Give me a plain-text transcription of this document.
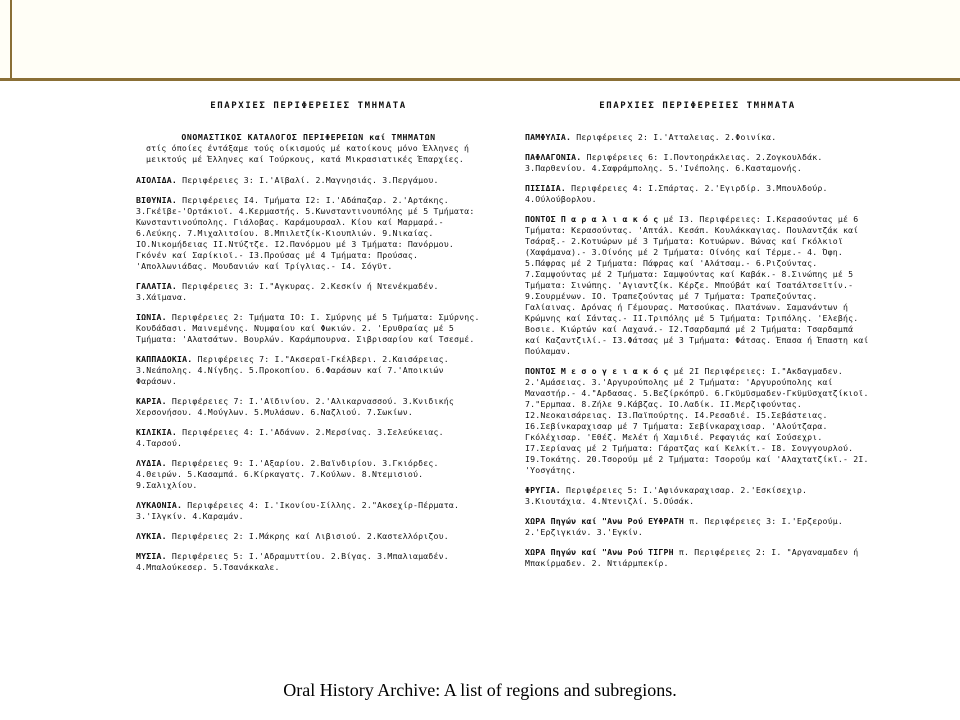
ΕΠΑΡΧΙΕΣ ΠΕΡΙΦΕΡΕΙΕΣ ΤΜΗΜΑΤΑ
ΟΝΟΜΑΣΤΙΚΟΣ ΚΑΤΑΛΟΓΟΣ ΠΕΡΙΦΕΡΕΙΩΝ καί ΤΜΗΜΑΤΩΝ
στίς όποίες έντάξαμε τούς οίκισμούς μέ κατοίκους μόνο Έλληνες ή μεικτούς μέ Έλληνες καί Τούρκους, κατά Μικρασιατικές Έπαρχίες.
ΑΙΟΛΙΔΑ. Περιφέρειες 3: Ι.'Αϊβαλί. 2.Μαγνησιάς. 3.Περγάμου.
ΒΙΘΥΝΙΑ. Περιφέρειες Ι4. Τμήματα Ι2: Ι.'Αδάπαζαρ. 2.'Αρτάκης. 3.Γκέϊβε-'Ορτάκιοϊ. 4.Κερμαστής. 5.Κωνσταντινουπόλης μέ 5 Τμήματα: Κωνσταντινούπολης. Γιάλοβας. Καράμουρσαλ. Κίου καί Μαρμαρά.- 6.Λεύκης. 7.Μιχαλιτσίου. 8.Μπιλετζίκ-Κιουπλιών. 9.Νικαίας. ΙΟ.Νικομήδειας ΙΙ.Ντύζτζε. Ι2.Πανόρμου μέ 3 Τμήματα: Πανόρμου. Γκόνέν καί Σαρίκιοϊ.- Ι3.Προύσας μέ 4 Τμήματα: Προύσας. 'Απολλωνιάδας. Μουδανιών καί Τρίγλιας.- Ι4. Σόγϋτ.
ΓΑΛΑΤΙΑ. Περιφέρειες 3: Ι."Αγκυρας. 2.Κεσκίν ή Ντενέκμαδέν. 3.Χάϊμανα.
ΙΩΝΙΑ. Περιφέρειες 2: Τμήματα ΙΟ: Ι. Σμύρνης μέ 5 Τμήματα: Σμύρνης. Κουδάδασι. Μαινεμένης. Νυμφαίου καί Φωκιών. 2. 'Ερυθραίας μέ 5 Τμήματα: 'Αλατσάτων. Βουρλών. Καράμπουρνα. Σιβρισαρίου καί Τσεσμέ.
ΚΑΠΠΑΔΟΚΙΑ. Περιφέρειες 7: Ι."Ακσεραϊ-Γκέλβερι. 2.Καισάρειας. 3.Νεάπολης. 4.Νίγδης. 5.Προκοπίου. 6.Φαράσων καί 7.'Αποικιών Φαράσων.
ΚΑΡΙΑ. Περιφέρειες 7: Ι.'Αϊδινίου. 2.'Αλικαρνασσού. 3.Κνιδικής Χερσονήσου. 4.Μούγλων. 5.Μυλάσων. 6.Ναζλιού. 7.Σωκίων.
ΚΙΛΙΚΙΑ. Περιφέρειες 4: Ι.'Αδάνων. 2.Μερσίνας. 3.Σελεύκειας. 4.Ταρσού.
ΛΥΔΙΑ. Περιφέρειες 9: Ι.'Αξαρίου. 2.Βαϊνδιρίου. 3.Γκιόρδες. 4.Θειρών. 5.Κασαμπά. 6.Κίρκαγατς. 7.Κούλων. 8.Ντεμισιού. 9.Σαλιχλίου.
ΛΥΚΑΟΝΙΑ. Περιφέρειες 4: Ι.'Ικονίου-Σίλλης. 2."Ακσεχίρ-Πέρματα. 3.'Ιλγκίν. 4.Καραμάν.
ΛΥΚΙΑ. Περιφέρειες 2: Ι.Μάκρης καί Λιβισιού. 2.Καστελλόριζου.
ΜΥΣΙΑ. Περιφέρειες 5: Ι.'Αδραμυττίου. 2.Βίγας. 3.Μπαλιαμαδέν. 4.Μπαλούκεσερ. 5.Τσανάκκαλε.
ΕΠΑΡΧΙΕΣ ΠΕΡΙΦΕΡΕΙΕΣ ΤΜΗΜΑΤΑ
ΠΑΜΦΥΛΙΑ. Περιφέρειες 2: Ι.'Ατταλειας. 2.Φοινίκα.
ΠΑΦΛΑΓΟΝΙΑ. Περιφέρειες 6: Ι.Ποντοηράκλειας. 2.Ζογκουλδάκ. 3.Παρθενίου. 4.Σαφράμπολης. 5.'Ινέπολης. 6.Κασταμονής.
ΠΙΣΙΔΙΑ. Περιφέρειες 4: Ι.Σπάρτας. 2.'Εγιρδίρ. 3.Μπουλδούρ. 4.Ούλούβορλου.
ΠΟΝΤΟΣ Π α ρ α λ ι α κ ό ς μέ Ι3. Περιφέρειες: Ι.Κερασούντας μέ 6 Τμήματα: Κερασούντας. 'Απτάλ. Κεσάπ. Κουλάκκαγιας. Πουλαντζάκ καί Τσάραξ.- 2.Κοτυώρων μέ 3 Τμήματα: Κοτυώρων. Βώνας καί Γκόλκιοϊ (Χαφάμανα).- 3.Οίνόης μέ 2 Τμήματα: Οίνόης καί Τέρμε.- 4. Όφη. 5.Πάφρας μέ 2 Τμήματα: Πάφρας καί 'Αλάτσαμ.- 6.Ριζούντας. 7.Σαμψούντας μέ 2 Τμήματα: Σαμψούντας καί Καβάκ.- 8.Σινώπης μέ 5 Τμήματα: Σινώπης. 'Αγιαντζίκ. Κέρζε. Μπούβάτ καί Τσατάλτσεϊτίν.- 9.Σουρμένων. ΙΟ. Τραπεζούντας μέ 7 Τμήματα: Τραπεζούντας. Γαλίαινας. Δρόνας ή Γέμουρας. Ματσούκας. Πλατάνων. Σαμανάντων ή Κρώμνης καί Σάντας.- ΙΙ.Τριπόλης μέ 5 Τμήματα: Τριπόλης. 'Ελεβής. Βοσιε. Κιώρτών καί Λαχανά.- Ι2.Τσαρδαμπά μέ 2 Τμήματα: Τσαρδαμπά καί Καζαντζιλί.- Ι3.Φάτσας μέ 3 Τμήματα: Φάτσας. Έπασα ή Έπαστη καί Πούλαμαν.
ΠΟΝΤΟΣ Μ ε σ ο γ ε ι α κ ό ς μέ 2Ι Περιφέρειες: Ι."Ακδαγμαδεν. 2.'Αμάσειας. 3.'Αργυρούπολης μέ 2 Τμήματα: 'Αργυρούπολης καί Μαναστήρ.- 4."Αρδασας. 5.Βεζίρκόπρϋ. 6.Γκϋμϋσμαδεν-Γκϋμϋσχατζίκιοϊ. 7."Ερμπαα. 8.Ζήλε 9.Κάβζας. ΙΟ.Λαδίκ. ΙΙ.Μερζιφούντας. Ι2.Νεοκαισάρειας. Ι3.Παϊπούρτης. Ι4.Ρεσαδιέ. Ι5.Σεβάστειας. Ι6.Σεβίνκαραχισαρ μέ 7 Τμήματα: Σεβίνκαραχισαρ. 'Αλούτζαρα. Γκόλέχισαρ. 'Εθέζ. Μελέτ ή Χαμιδιέ. Ρεφαγιάς καί Σούσεχρι. Ι7.Σερίανας μέ 2 Τμήματα: Γάρατζας καί Κελκίτ.- Ι8. Σουγγουρλού. Ι9.Τοκάτης. 20.Τσορούμ μέ 2 Τμήματα: Τσορούμ καί 'Αλαχτατζίκϊ.- 2Ι. 'Υοσγάτης.
ΦΡΥΓΙΑ. Περιφέρειες 5: Ι.'Αφιόνκαραχισαρ. 2.'Εσκίσεχιρ. 3.Κιουτάχια. 4.Ντενιζλί. 5.Ούσάκ.
ΧΩΡΑ Πηγών καί "Ανω Ρού ΕΥΦΡΑΤΗ π. Περιφέρειες 3: Ι.'Ερζερούμ. 2.'Ερζιγκιάν. 3.'Εγκίν.
ΧΩΡΑ Πηγών καί "Ανω Ρού ΤΙΓΡΗ π. Περιφέρειες 2: Ι. "Αργαναμαδεν ή Μπακίρμαδεν. 2. Ντιάρμπεκίρ.
Oral History Archive: A list of regions and subregions.
